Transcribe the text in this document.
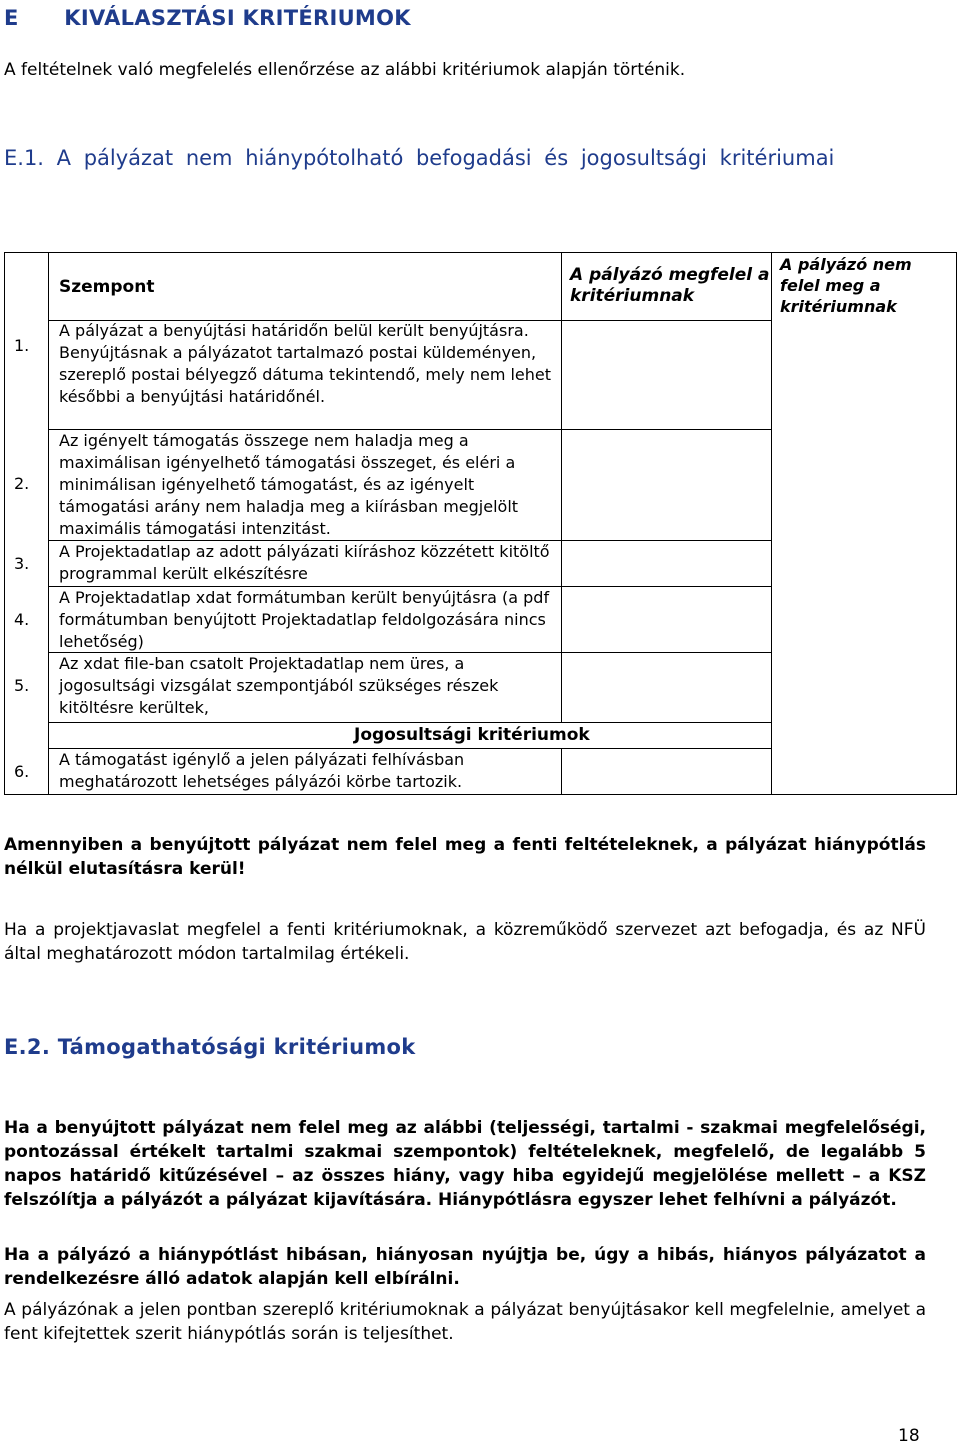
E      KIVÁLASZTÁSI KRITÉRIUMOK
A feltételnek való megfelelés ellenőrzése az alábbi kritériumok alapján történik.
E.1. A pályázat nem hiánypótolható befogadási és jogosultsági kritériumai
Szempont
A pályázó megfelel a kritériumnak
A pályázó nem felel meg a kritériumnak
1.
2.
3.
4.
5.
6.
A pályázat a benyújtási határidőn belül került benyújtásra. Benyújtásnak a pályázatot tartalmazó postai küldeményen, szereplő postai bélyegző dátuma tekintendő, mely nem lehet későbbi a benyújtási határidőnél.
Az igényelt támogatás összege nem haladja meg a maximálisan igényelhető támogatási összeget, és eléri a minimálisan igényelhető támogatást, és az igényelt támogatási arány nem haladja meg a kiírásban megjelölt maximális támogatási intenzitást.
A Projektadatlap az adott pályázati kiíráshoz közzétett kitöltő programmal került elkészítésre
A Projektadatlap xdat formátumban került benyújtásra (a pdf formátumban benyújtott Projektadatlap feldolgozására nincs lehetőség)
Az xdat file-ban csatolt Projektadatlap nem üres, a jogosultsági vizsgálat szempontjából szükséges részek kitöltésre kerültek,
Jogosultsági kritériumok
A támogatást igénylő a jelen pályázati felhívásban meghatározott lehetséges pályázói körbe tartozik.
Amennyiben a benyújtott pályázat nem felel meg a fenti feltételeknek, a pályázat hiánypótlás nélkül elutasításra kerül!
Ha a projektjavaslat megfelel a fenti kritériumoknak, a közreműködő szervezet azt befogadja, és az NFÜ által meghatározott módon tartalmilag értékeli.
E.2. Támogathatósági kritériumok
Ha a benyújtott pályázat nem felel meg az alábbi (teljességi, tartalmi - szakmai megfelelőségi, pontozással értékelt tartalmi szakmai szempontok) feltételeknek, megfelelő, de legalább 5 napos határidő kitűzésével – az összes hiány, vagy hiba egyidejű megjelölése mellett – a KSZ felszólítja a pályázót a pályázat kijavítására. Hiánypótlásra egyszer lehet felhívni a pályázót.
Ha a pályázó a hiánypótlást hibásan, hiányosan nyújtja be, úgy a hibás, hiányos pályázatot a rendelkezésre álló adatok alapján kell elbírálni.
A pályázónak a jelen pontban szereplő kritériumoknak a pályázat benyújtásakor kell megfelelnie, amelyet a fent kifejtettek szerit hiánypótlás során is teljesíthet.
18
